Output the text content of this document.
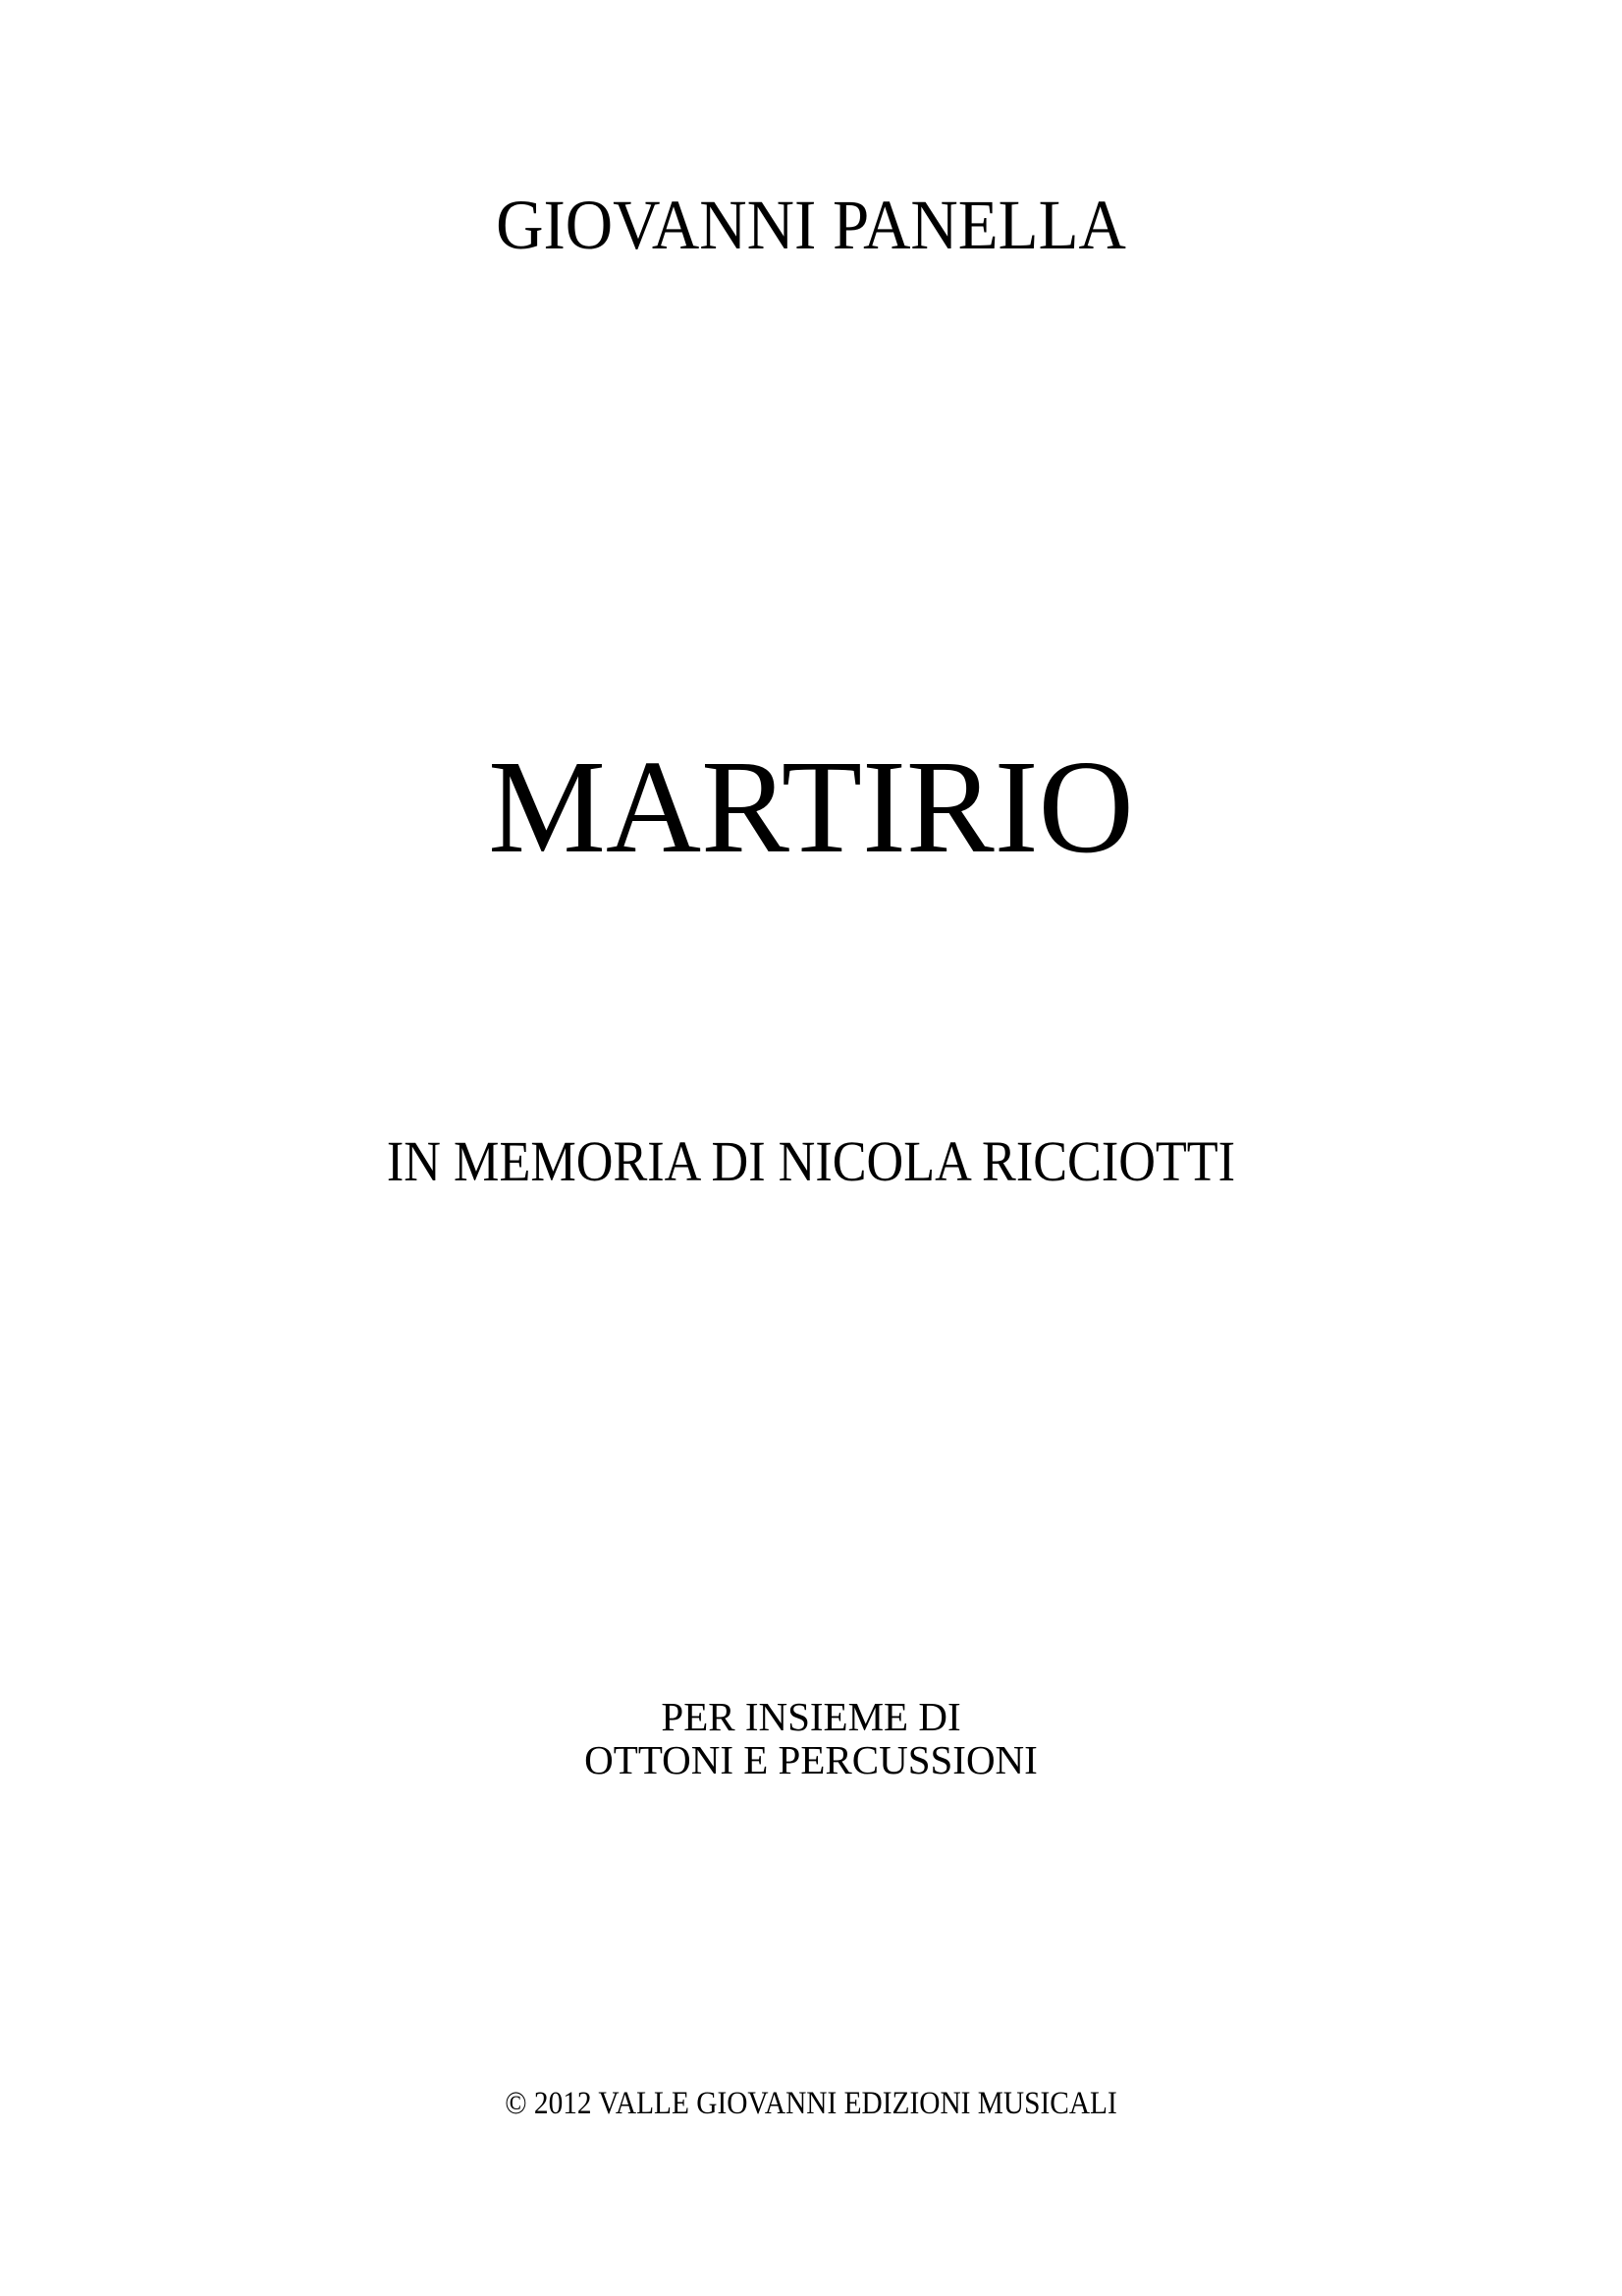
GIOVANNI PANELLA
MARTIRIO
IN MEMORIA DI NICOLA RICCIOTTI
PER INSIEME DI
OTTONI E PERCUSSIONI
© 2012 VALLE GIOVANNI EDIZIONI MUSICALI
